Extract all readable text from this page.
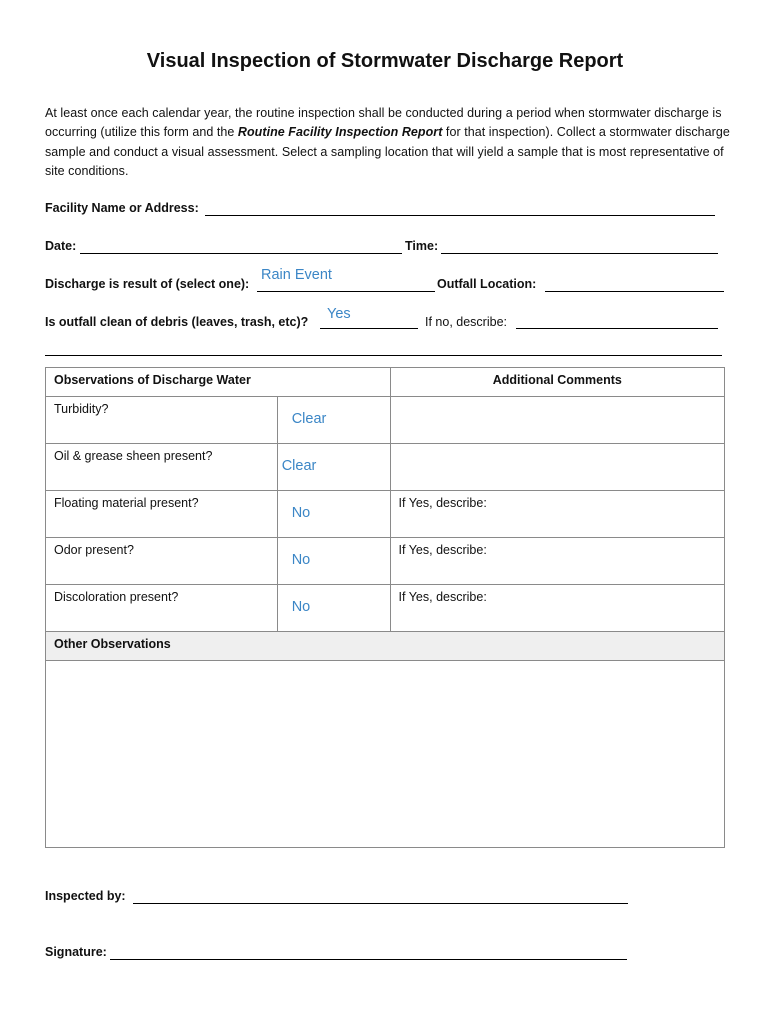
Visual Inspection of Stormwater Discharge Report
At least once each calendar year, the routine inspection shall be conducted during a period when stormwater discharge is occurring (utilize this form and the Routine Facility Inspection Report for that inspection). Collect a stormwater discharge sample and conduct a visual assessment. Select a sampling location that will yield a sample that is most representative of site conditions.
Facility Name or Address:
Date:	Time:
Discharge is result of (select one):
Rain Event
Outfall Location:
Is outfall clean of debris (leaves, trash, etc)? Yes	If no, describe:
Observations of Discharge Water		Additional Comments

Turbidity?	Clear	

Oil & grease sheen present?	Clear	

Floating material present?	No	If Yes, describe:

Odor present?	No	If Yes, describe:

Discoloration present?	No	If Yes, describe:

Other Observations		

Inspected by:
Signature:
